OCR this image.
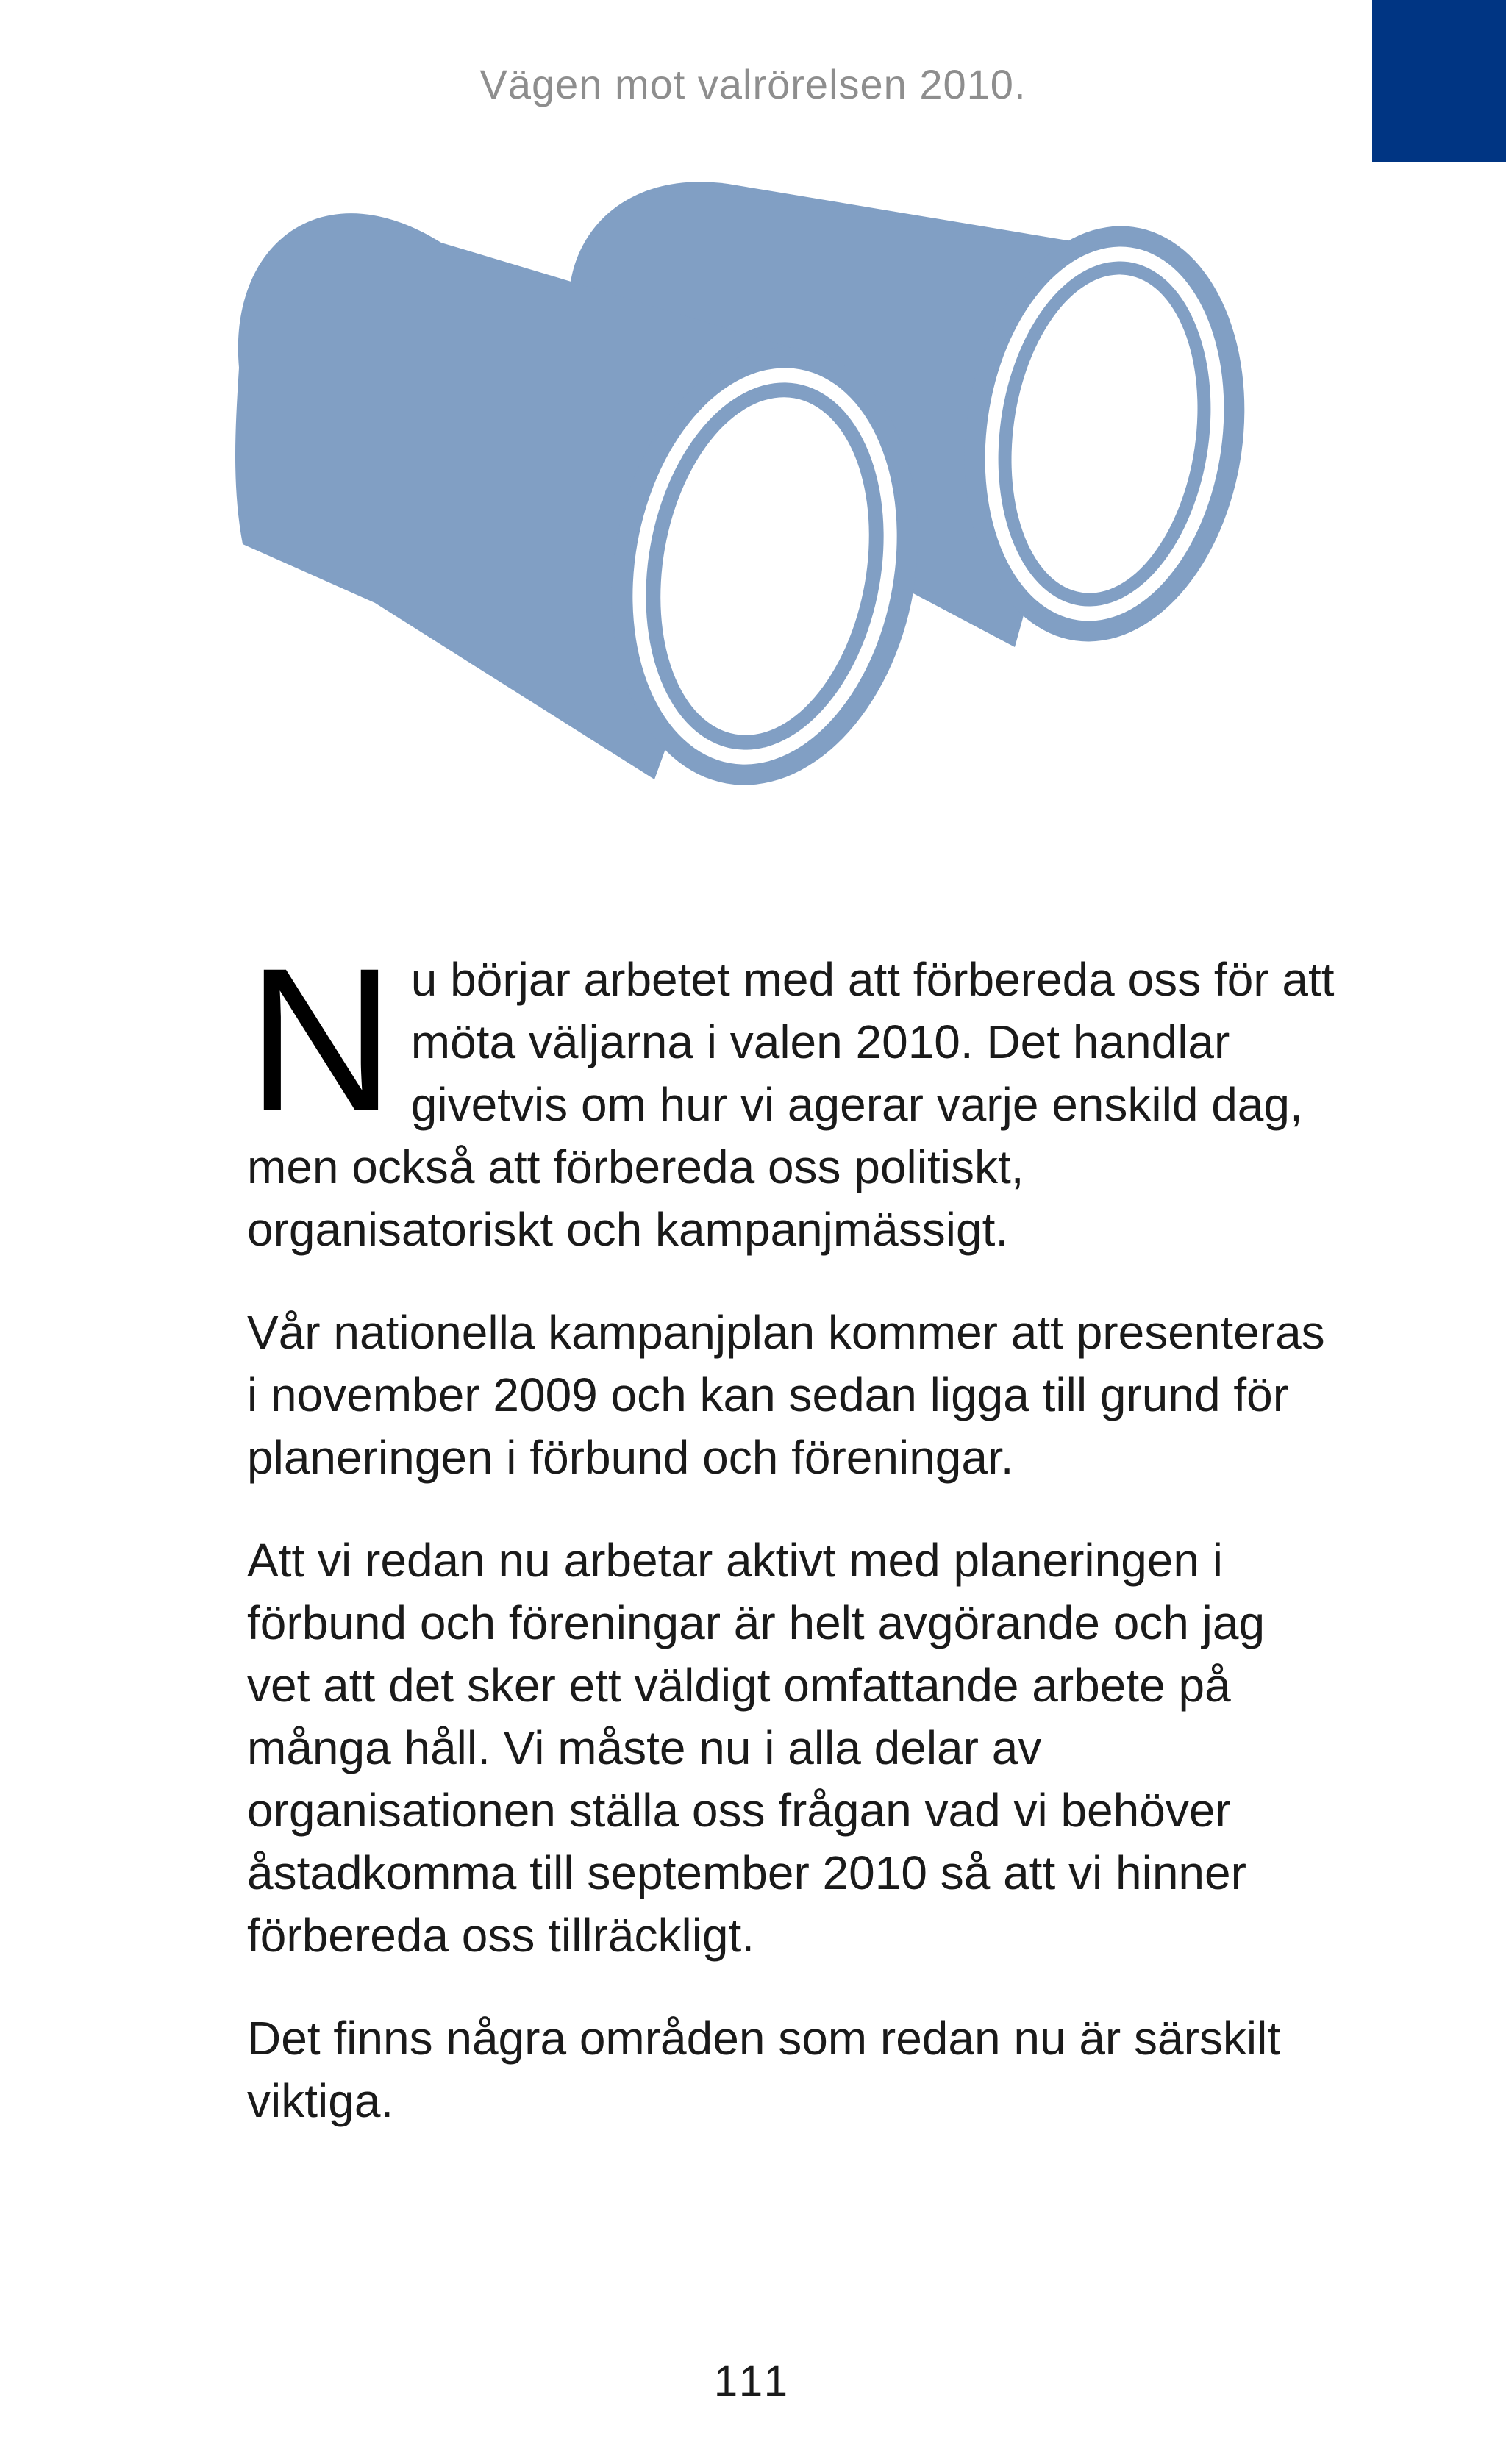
Vägen mot valrörelsen 2010.

Nu börjar arbetet med att förbereda oss för att möta väljarna i valen 2010. Det handlar givetvis om hur vi agerar varje enskild dag, men också att förbereda oss politiskt, organisatoriskt och kampanjmässigt.

Vår nationella kampanjplan kommer att presenteras i november 2009 och kan sedan ligga till grund för planeringen i förbund och föreningar.

Att vi redan nu arbetar aktivt med planeringen i förbund och föreningar är helt avgörande och jag vet att det sker ett väldigt omfattande arbete på många håll. Vi måste nu i alla delar av organisationen ställa oss frågan vad vi behöver åstadkomma till september 2010 så att vi hinner förbereda oss tillräckligt.

Det finns några områden som redan nu är särskilt viktiga.

111
